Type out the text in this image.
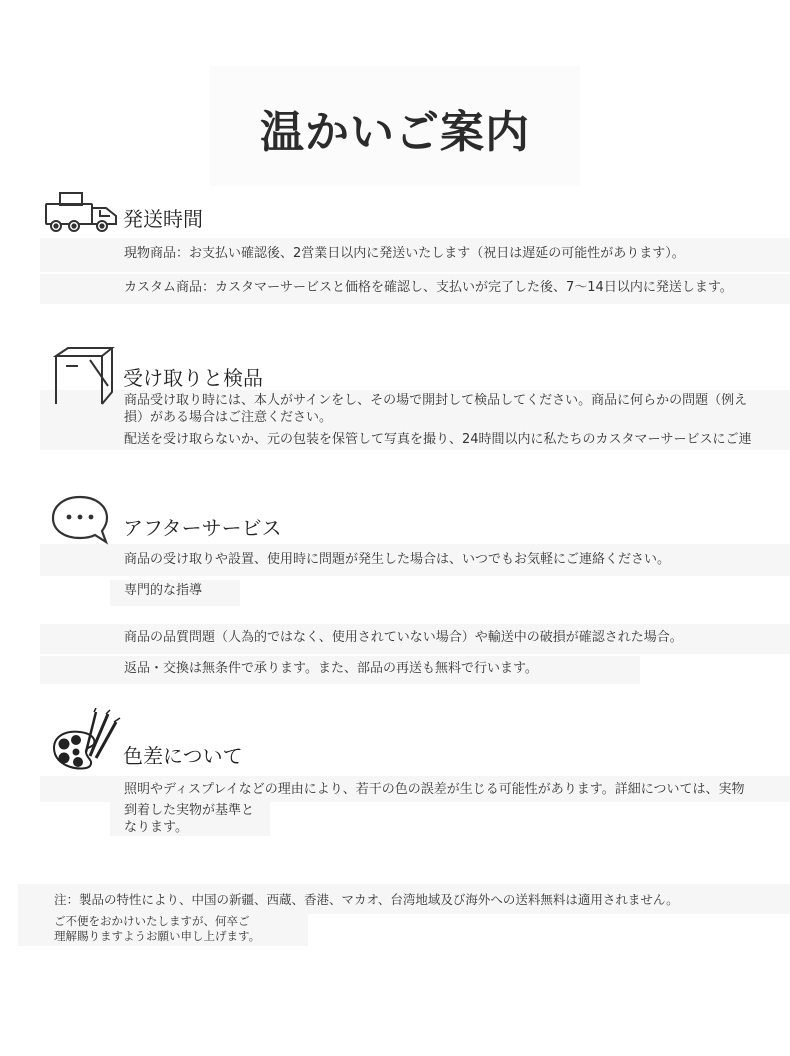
温かいご案内
発送時間
現物商品：お支払い確認後、2営業日以内に発送いたします（祝日は遅延の可能性があります）。
カスタム商品：カスタマーサービスと価格を確認し、支払いが完了した後、7〜14日以内に発送します。
受け取りと検品
商品受け取り時には、本人がサインをし、その場で開封して検品してください。商品に何らかの問題（例え
損）がある場合はご注意ください。
配送を受け取らないか、元の包装を保管して写真を撮り、24時間以内に私たちのカスタマーサービスにご連
アフターサービス
商品の受け取りや設置、使用時に問題が発生した場合は、いつでもお気軽にご連絡ください。
専門的な指導
商品の品質問題（人為的ではなく、使用されていない場合）や輸送中の破損が確認された場合。
返品・交換は無条件で承ります。また、部品の再送も無料で行います。
色差について
照明やディスプレイなどの理由により、若干の色の誤差が生じる可能性があります。詳細については、実物
到着した実物が基準と
なります。
注：製品の特性により、中国の新疆、西蔵、香港、マカオ、台湾地域及び海外への送料無料は適用されません。
ご不便をおかけいたしますが、何卒ご
理解賜りますようお願い申し上げます。
